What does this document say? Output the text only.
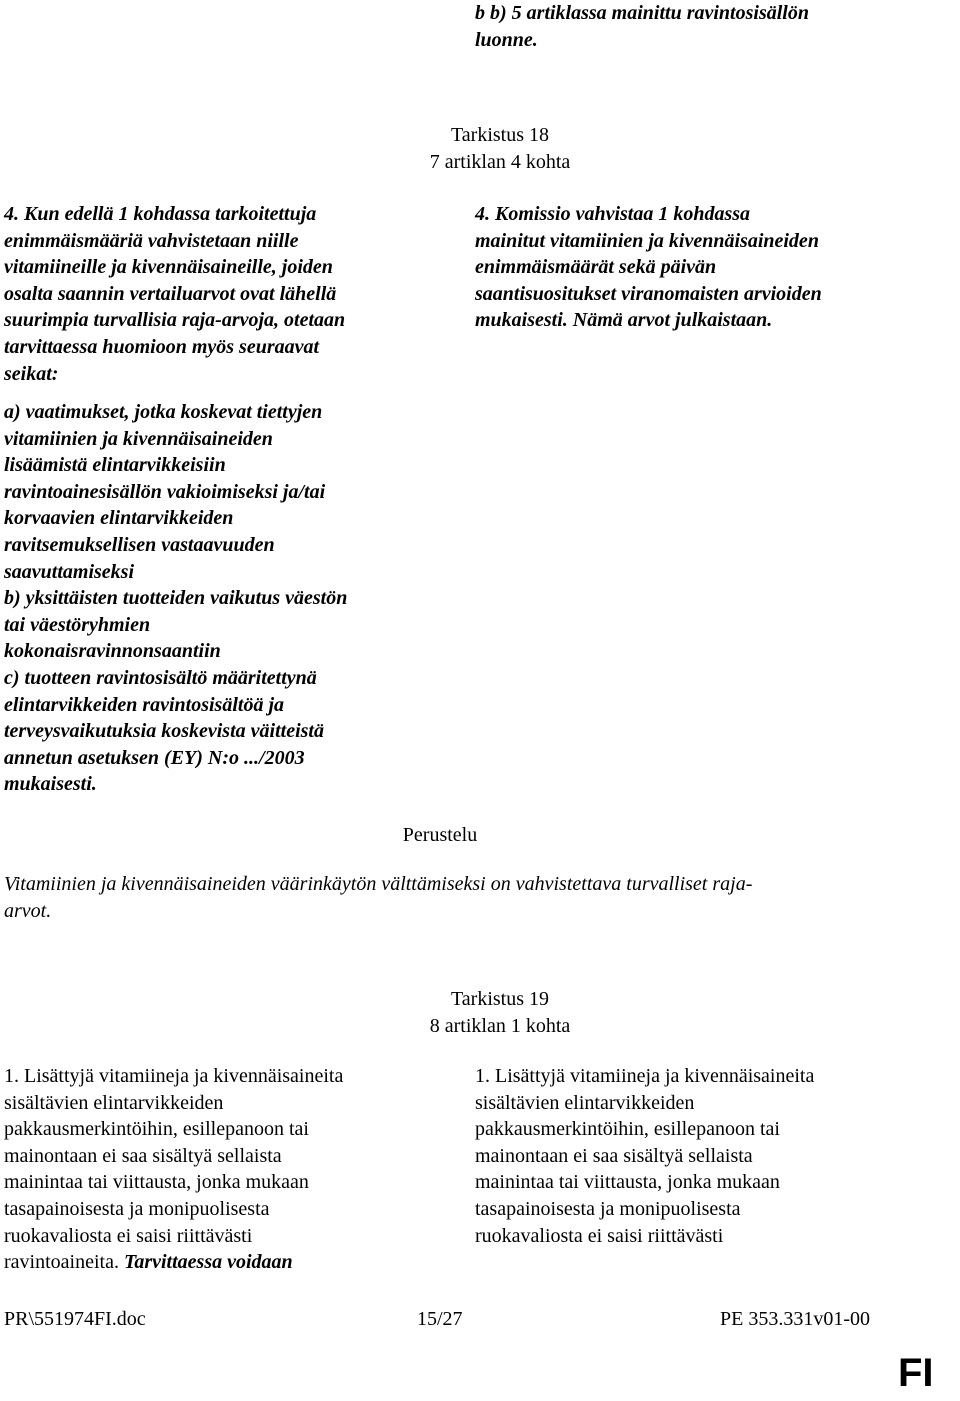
b b) 5 artiklassa mainittu ravintosisällön
luonne.
Tarkistus 18
7 artiklan 4 kohta
4. Kun edellä 1 kohdassa tarkoitettuja
enimmäismääriä vahvistetaan niille
vitamiineille ja kivennäisaineille, joiden
osalta saannin vertailuarvot ovat lähellä
suurimpia turvallisia raja-arvoja, otetaan
tarvittaessa huomioon myös seuraavat
seikat:
a) vaatimukset, jotka koskevat tiettyjen
vitamiinien ja kivennäisaineiden
lisäämistä elintarvikkeisiin
ravintoainesisällön vakioimiseksi ja/tai
korvaavien elintarvikkeiden
ravitsemuksellisen vastaavuuden
saavuttamiseksi
b) yksittäisten tuotteiden vaikutus väestön
tai väestöryhmien
kokonaisravinnonsaantiin
c) tuotteen ravintosisältö määritettynä
elintarvikkeiden ravintosisältöä ja
terveysvaikutuksia koskevista väitteistä
annetun asetuksen (EY) N:o .../2003
mukaisesti.
4. Komissio vahvistaa 1 kohdassa
mainitut vitamiinien ja kivennäisaineiden
enimmäismäärät sekä päivän
saantisuositukset viranomaisten arvioiden
mukaisesti. Nämä arvot julkaistaan.
Perustelu
Vitamiinien ja kivennäisaineiden väärinkäytön välttämiseksi on vahvistettava turvalliset raja-
arvot.
Tarkistus 19
8 artiklan 1 kohta
1. Lisättyjä vitamiineja ja kivennäisaineita
sisältävien elintarvikkeiden
pakkausmerkintöihin, esillepanoon tai
mainontaan ei saa sisältyä sellaista
mainintaa tai viittausta, jonka mukaan
tasapainoisesta ja monipuolisesta
ruokavaliosta ei saisi riittävästi
ravintoaineita. Tarvittaessa voidaan
1. Lisättyjä vitamiineja ja kivennäisaineita
sisältävien elintarvikkeiden
pakkausmerkintöihin, esillepanoon tai
mainontaan ei saa sisältyä sellaista
mainintaa tai viittausta, jonka mukaan
tasapainoisesta ja monipuolisesta
ruokavaliosta ei saisi riittävästi
PR\551974FI.doc	15/27	PE 353.331v01-00
FI
